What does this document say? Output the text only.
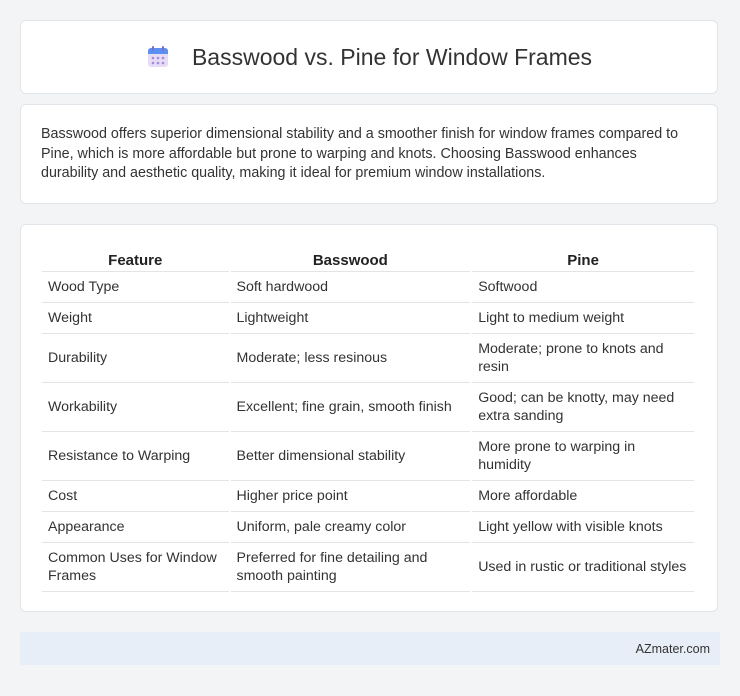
Basswood vs. Pine for Window Frames

Basswood offers superior dimensional stability and a smoother finish for window frames compared to Pine, which is more affordable but prone to warping and knots. Choosing Basswood enhances durability and aesthetic quality, making it ideal for premium window installations.

Feature	Basswood	Pine
Wood Type	Soft hardwood	Softwood
Weight	Lightweight	Light to medium weight
Durability	Moderate; less resinous	Moderate; prone to knots and resin
Workability	Excellent; fine grain, smooth finish	Good; can be knotty, may need extra sanding
Resistance to Warping	Better dimensional stability	More prone to warping in humidity
Cost	Higher price point	More affordable
Appearance	Uniform, pale creamy color	Light yellow with visible knots
Common Uses for Window Frames	Preferred for fine detailing and smooth painting	Used in rustic or traditional styles
AZmater.com
